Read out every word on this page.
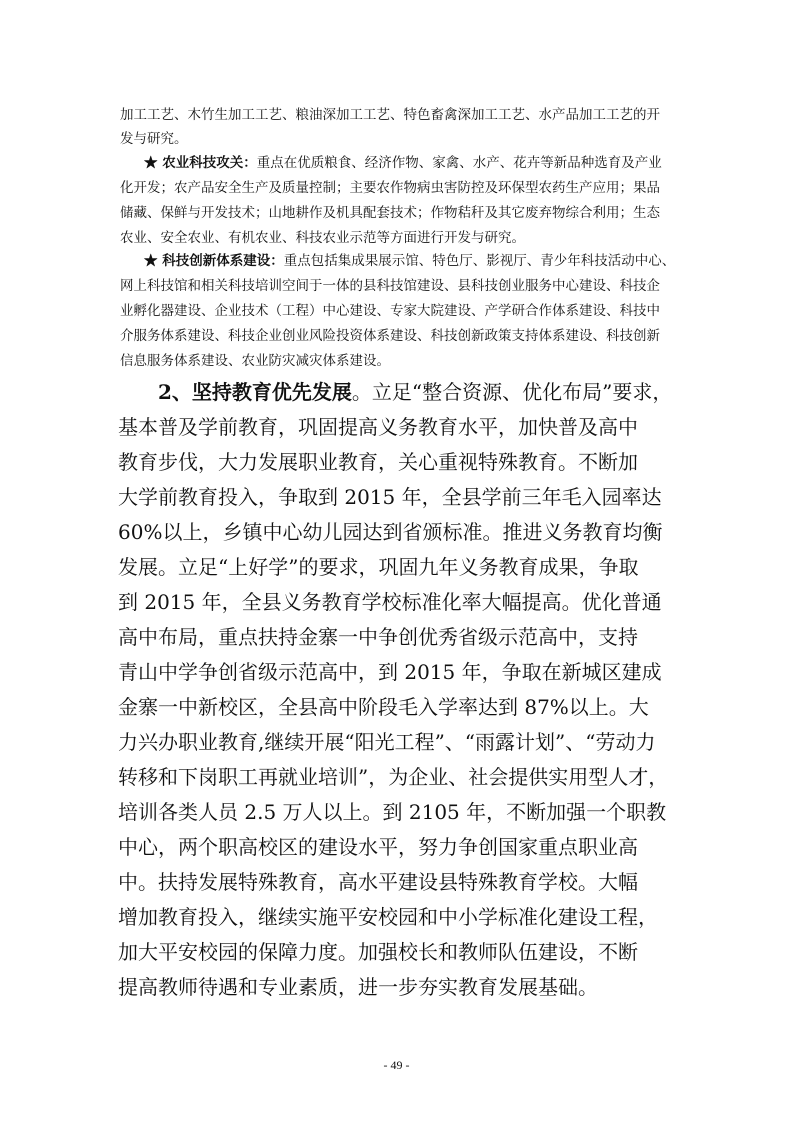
加工工艺、木竹生加工工艺、粮油深加工工艺、特色畜禽深加工工艺、水产品加工工艺的开
发与研究。
★ 农业科技攻关：重点在优质粮食、经济作物、家禽、水产、花卉等新品种选育及产业
化开发；农产品安全生产及质量控制；主要农作物病虫害防控及环保型农药生产应用；果品
储藏、保鲜与开发技术；山地耕作及机具配套技术；作物秸秆及其它废弃物综合利用；生态
农业、安全农业、有机农业、科技农业示范等方面进行开发与研究。
★ 科技创新体系建设：重点包括集成果展示馆、特色厅、影视厅、青少年科技活动中心、
网上科技馆和相关科技培训空间于一体的县科技馆建设、县科技创业服务中心建设、科技企
业孵化器建设、企业技术（工程）中心建设、专家大院建设、产学研合作体系建设、科技中
介服务体系建设、科技企业创业风险投资体系建设、科技创新政策支持体系建设、科技创新
信息服务体系建设、农业防灾减灾体系建设。
2、坚持教育优先发展。立足“整合资源、优化布局”要求，
基本普及学前教育，巩固提高义务教育水平，加快普及高中
教育步伐，大力发展职业教育，关心重视特殊教育。不断加
大学前教育投入，争取到 2015 年，全县学前三年毛入园率达
60%以上，乡镇中心幼儿园达到省颁标准。推进义务教育均衡
发展。立足“上好学”的要求，巩固九年义务教育成果，争取
到 2015 年，全县义务教育学校标准化率大幅提高。优化普通
高中布局，重点扶持金寨一中争创优秀省级示范高中，支持
青山中学争创省级示范高中，到 2015 年，争取在新城区建成
金寨一中新校区，全县高中阶段毛入学率达到 87%以上。大
力兴办职业教育,继续开展“阳光工程”、“雨露计划”、“劳动力
转移和下岗职工再就业培训”，为企业、社会提供实用型人才，
培训各类人员 2.5 万人以上。到 2105 年，不断加强一个职教
中心，两个职高校区的建设水平，努力争创国家重点职业高
中。扶持发展特殊教育，高水平建设县特殊教育学校。大幅
增加教育投入，继续实施平安校园和中小学标准化建设工程，
加大平安校园的保障力度。加强校长和教师队伍建设，不断
提高教师待遇和专业素质，进一步夯实教育发展基础。
- 49 -
